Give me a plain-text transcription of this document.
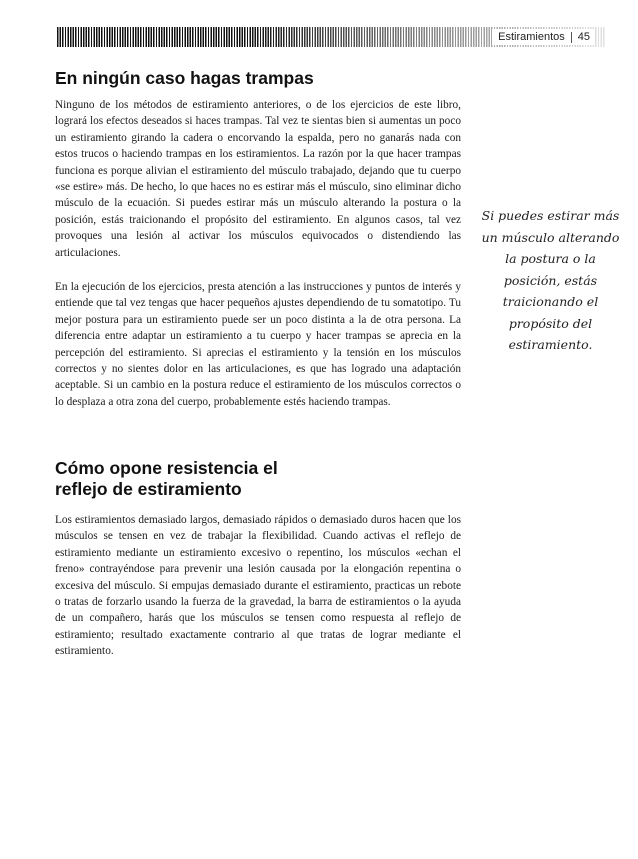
Estiramientos 45
En ningún caso hagas trampas

Ninguno de los métodos de estiramiento anteriores, o de los ejercicios de este libro, logrará los efectos deseados si haces trampas. Tal vez te sientas bien si aumentas un poco un estiramiento girando la cadera o encorvando la espalda, pero no ganarás nada con estos trucos o haciendo trampas en los estiramientos. La razón por la que hacer trampas funciona es porque alivian el estiramiento del músculo trabajado, dejando que tu cuerpo «se estire» más. De hecho, lo que haces no es estirar más el músculo, sino eliminar dicho músculo de la ecuación. Si puedes estirar más un músculo alterando la postura o la posición, estás traicionando el propósito del estiramiento. En algunos casos, tal vez provoques una lesión al activar los músculos equivocados o distendiendo las articulaciones.

En la ejecución de los ejercicios, presta atención a las instrucciones y puntos de interés y entiende que tal vez tengas que hacer pequeños ajustes dependiendo de tu somatotipo. Tu mejor postura para un estiramiento puede ser un poco distinta a la de otra persona. La diferencia entre adaptar un estiramiento a tu cuerpo y hacer trampas se aprecia en la percepción del estiramiento. Si aprecias el estiramiento y la tensión en los músculos correctos y no sientes dolor en las articulaciones, es que has logrado una adaptación aceptable. Si un cambio en la postura reduce el estiramiento de los músculos correctos o lo desplaza a otra zona del cuerpo, probablemente estés haciendo trampas.

Cómo opone resistencia el
reflejo de estiramiento

Los estiramientos demasiado largos, demasiado rápidos o demasiado duros hacen que los músculos se tensen en vez de trabajar la flexibilidad. Cuando activas el reflejo de estiramiento mediante un estiramiento excesivo o repentino, los músculos «echan el freno» contrayéndose para prevenir una lesión causada por la elongación repentina o excesiva del músculo. Si empujas demasiado durante el estiramiento, practicas un rebote o tratas de forzarlo usando la fuerza de la gravedad, la barra de estiramientos o la ayuda de un compañero, harás que los músculos se tensen como respuesta al reflejo de estiramiento; resultado exactamente contrario al que tratas de lograr mediante el estiramiento.

Si puedes estirar más un músculo alterando la postura o la posición, estás traicionando el propósito del estiramiento.
